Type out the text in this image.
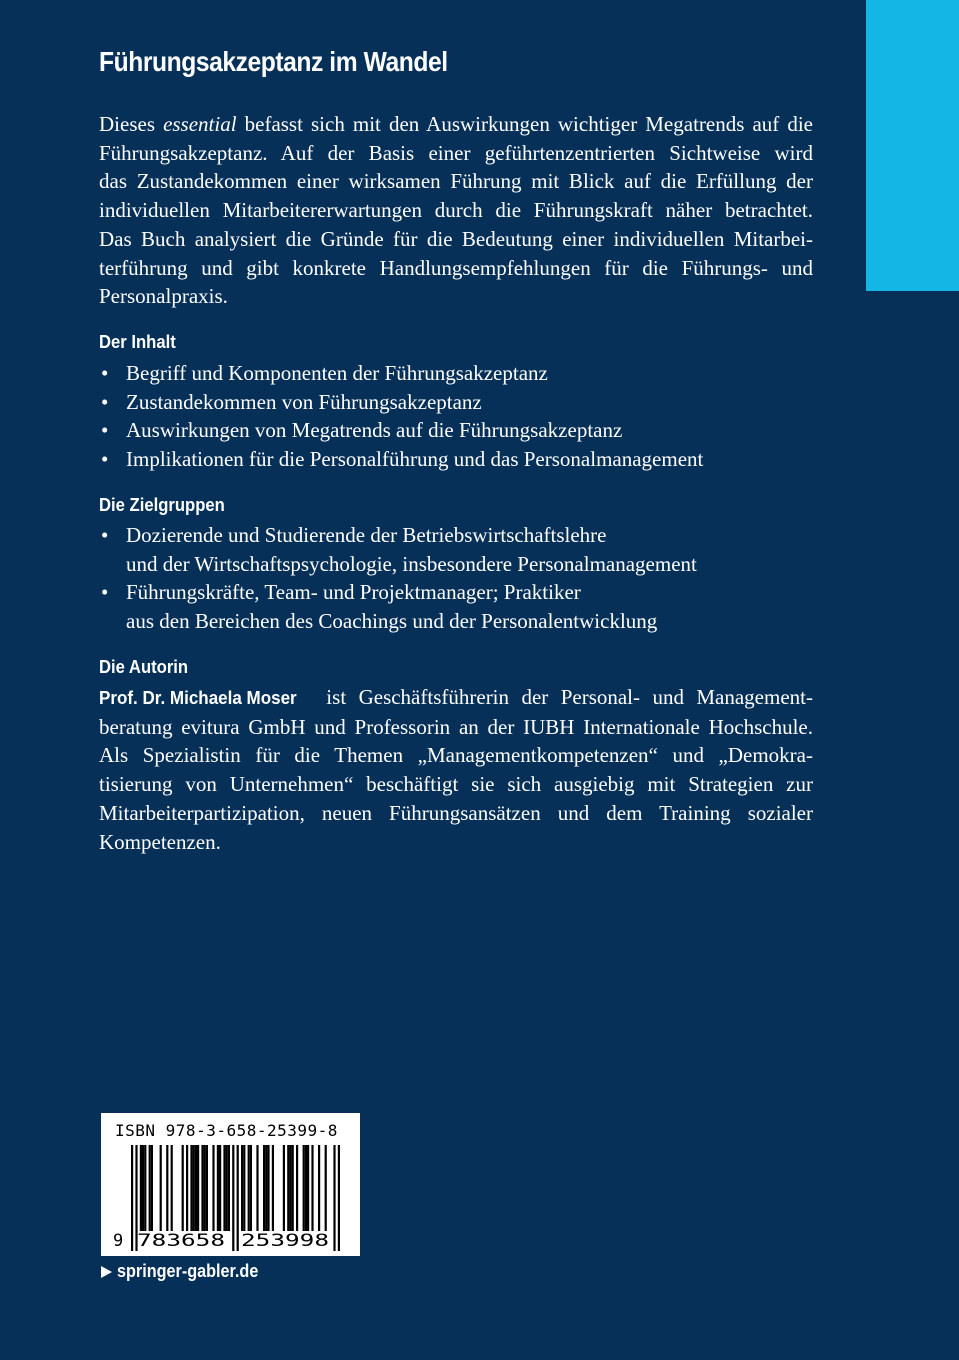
Führungsakzeptanz im Wandel
Dieses essential befasst sich mit den Auswirkungen wichtiger Megatrends auf die
Führungsakzeptanz. Auf der Basis einer geführtenzentrierten Sichtweise wird
das Zustandekommen einer wirksamen Führung mit Blick auf die Erfüllung der
individuellen Mitarbeitererwartungen durch die Führungskraft näher betrachtet.
Das Buch analysiert die Gründe für die Bedeutung einer individuellen Mitarbei-
terführung und gibt konkrete Handlungsempfehlungen für die Führungs- und
Personalpraxis.
Der Inhalt
• Begriff und Komponenten der Führungsakzeptanz
• Zustandekommen von Führungsakzeptanz
• Auswirkungen von Megatrends auf die Führungsakzeptanz
• Implikationen für die Personalführung und das Personalmanagement
Die Zielgruppen
• Dozierende und Studierende der Betriebswirtschaftslehre
und der Wirtschaftspsychologie, insbesondere Personalmanagement
• Führungskräfte, Team- und Projektmanager; Praktiker
aus den Bereichen des Coachings und der Personalentwicklung
Die Autorin
Prof. Dr. Michaela Moser ist Geschäftsführerin der Personal- und Management-
beratung evitura GmbH und Professorin an der IUBH Internationale Hochschule.
Als Spezialistin für die Themen „Managementkompetenzen“ und „Demokra-
tisierung von Unternehmen“ beschäftigt sie sich ausgiebig mit Strategien zur
Mitarbeiterpartizipation, neuen Führungsansätzen und dem Training sozialer
Kompetenzen.
ISBN 978-3-658-25399-8
9 783658 253998
springer-gabler.de
